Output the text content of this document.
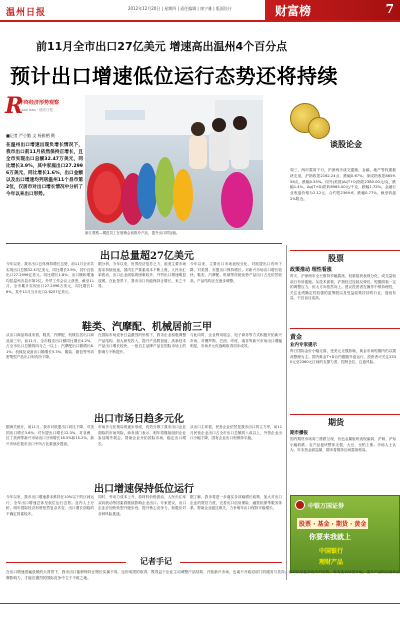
温州日报	2012年12月20日 | 星期四 | 责任编辑 | 康宁雅 | 版面设计	财富榜	7
前11月全市出口27亿美元 增速高出温州4个百分点
预计出口增速低位运行态势还将持续
R
年终经济形势观察
ruian bao · 瑞安日报
■记者 严小勤 文 杨雅栖 摄
在温州出口增速出现负增长情况下，我市出口前11月依然保持正增长，且全市实现出口总额32.47万美元，同比增长3.9%，其中家庭出口27.2996万美元，同比增长1.6%，出口金额以及出口增速均列居温州11个县市第2位，仅居市对出口增长情况中分析了今年以来出口形势。
新江观察—模范员工在展销会前推介产品，提升出口附加值。
谈股论金
周三，两市震荡下行，沪深两市成交萎缩，金融、地产等权重板块走低，沪指收报2162.24点，跌幅0.67%；深成指收报8659.58点，跌幅0.55%。同外(美国)Ai(T+0)指报2380.00元/克，跌幅1.4%。Ag(T+D)报收6985.00元/千克，跌幅1.72%。金融行业收盘价格为2.12元，合约报2369.6，跌幅0.77%，截至收盘2%附近。
股票
政策推动 理性看涨
昨天，沪深两市全天维持窄幅震荡，权重板块表现分化，成交量较前日有所萎缩。从技术面看，沪指经过连续反弹后，短期面临一定的调整压力，但大方向依然向上。建议投资者在操作中保持理性，关注业绩确定性较强的蓝筹股以及受益政策扶持的行业，逢低布局，不宜盲目追高。
黄金
业内专家提示
昨日国际金价小幅走弱，受美元走强影响，黄金市场短期内仍以震荡整理为主。国内黄金T+D合约跟随外盘运行，投资者可关注2330元至2360元区间的支撑力度，控制仓位，注意风险。
期货
期市播报
国内期货市场周三涨跌互现，有色金属板块表现偏弱，沪铜、沪铝小幅收跌；农产品板块整体走强，大豆、豆粕上涨。市场人士认为，年末资金面趋紧，期市将维持区间震荡格局。
中银万国证券
股票 · 基金 · 期货 · 黄金
你要来我就上
中国银行
理财产品
出口总量超27亿美元
今年以来，我市出口总体保持增长态势，前11月全市共实现出口总额32.47亿美元，同比增长3.9%，其中自营出口27.2996亿美元，同比增长1.6%，出口额和增速均居温州各县市第2位。外贸工作会议上获悉，截至11月，全市累计实现出口27.2996万美元，同比增长1.6%，其中11月当月出口2.6257亿美元。
据分析，今年以来，世界经济复苏乏力，欧美主要市场需求持续低迷，国内生产要素成本不断上涨，人民币汇率波动，出口企业面临的困难较多，外贸出口增速明显放缓。在此背景下，我市出口仍能保持正增长，来之不易。
今年以来，主要出口市场表现分化，对欧盟出口有所下降，对美国、东盟出口保持增长，对新兴市场出口增长较快。鞋类、汽摩配、机械等传统优势产品出口占比依然较高，产品结构正在逐步调整。
鞋类、汽摩配、机械居前三甲
从出口商品构成来看，鞋类、汽摩配、机械位居出口商品前三甲。前11月，全市鞋类出口额同比增长4.2%，占全市出口总额的四分之一以上；汽摩配出口额增长8.1%；机械及设备出口额增长5.3%；服装、箱包等劳动密集型产品出口则有所下降。
在国际市场竞争日益激烈的形势下，我市企业积极调整产品结构，加大研发投入，提升产品附加值，高新技术产品出口增长较快，一批自主品牌产品在国际市场上的影响力不断提升。
与此同时，企业利用展会、电子商务等方式积极开拓新兴市场，对俄罗斯、巴西、印度、南非等新兴市场出口增幅明显，市场多元化战略取得初步成效。
出口市场日趋多元化
据海关统计，前11月，我市对欧盟出口同比下降，对美国出口增长3.6%；对东盟出口增长12.3%，对非洲、拉丁美洲等新兴市场出口分别增长18.5%和15.2%，新兴市场在我市出口中所占比重逐步提高。
市场多元化格局的逐步形成，有效分散了我市出口企业面临的市场风险。商务部门表示，明年将继续组织企业参加境外展会，帮助企业开拓国际市场，稳定出口增长。
从出口主体看，民营企业依然是我市出口的主力军，前11月民营企业出口占全市出口总额的八成以上，外资企业出口小幅下降，国有企业出口则保持平稳。
出口增速保持低位运行
今年以来，我市出口增速基本维持在10%以下的区间运行，全年出口增速总体呈低位运行态势。业内人士分析，明年国际经济形势依然复杂多变，出口增长面临的不确定因素较多。
同时，劳动力成本上升、原材料价格波动、人民币汇率双向波动等因素将继续影响企业出口。专家建议，出口企业应加快转型升级步伐，提升核心竞争力，积极应对各种风险挑战。
据了解，我市将进一步落实各项稳增长政策，加大对出口企业的帮扶力度，完善出口信用保险、融资担保等服务体系，帮助企业渡过难关，力争明年出口保持平稳增长。
记者手记
在出口增速普遍放缓的大背景下，我市出口能够保持正增长实属不易。这份成绩的取得，既得益于企业主动调整产品结构、开拓新兴市场，也离不开政府部门的服务与扶持。面对依然复杂的外贸形势，唯有加快转型升级，提升产品附加值和品牌影响力，才能在激烈的国际竞争中立于不败之地。
